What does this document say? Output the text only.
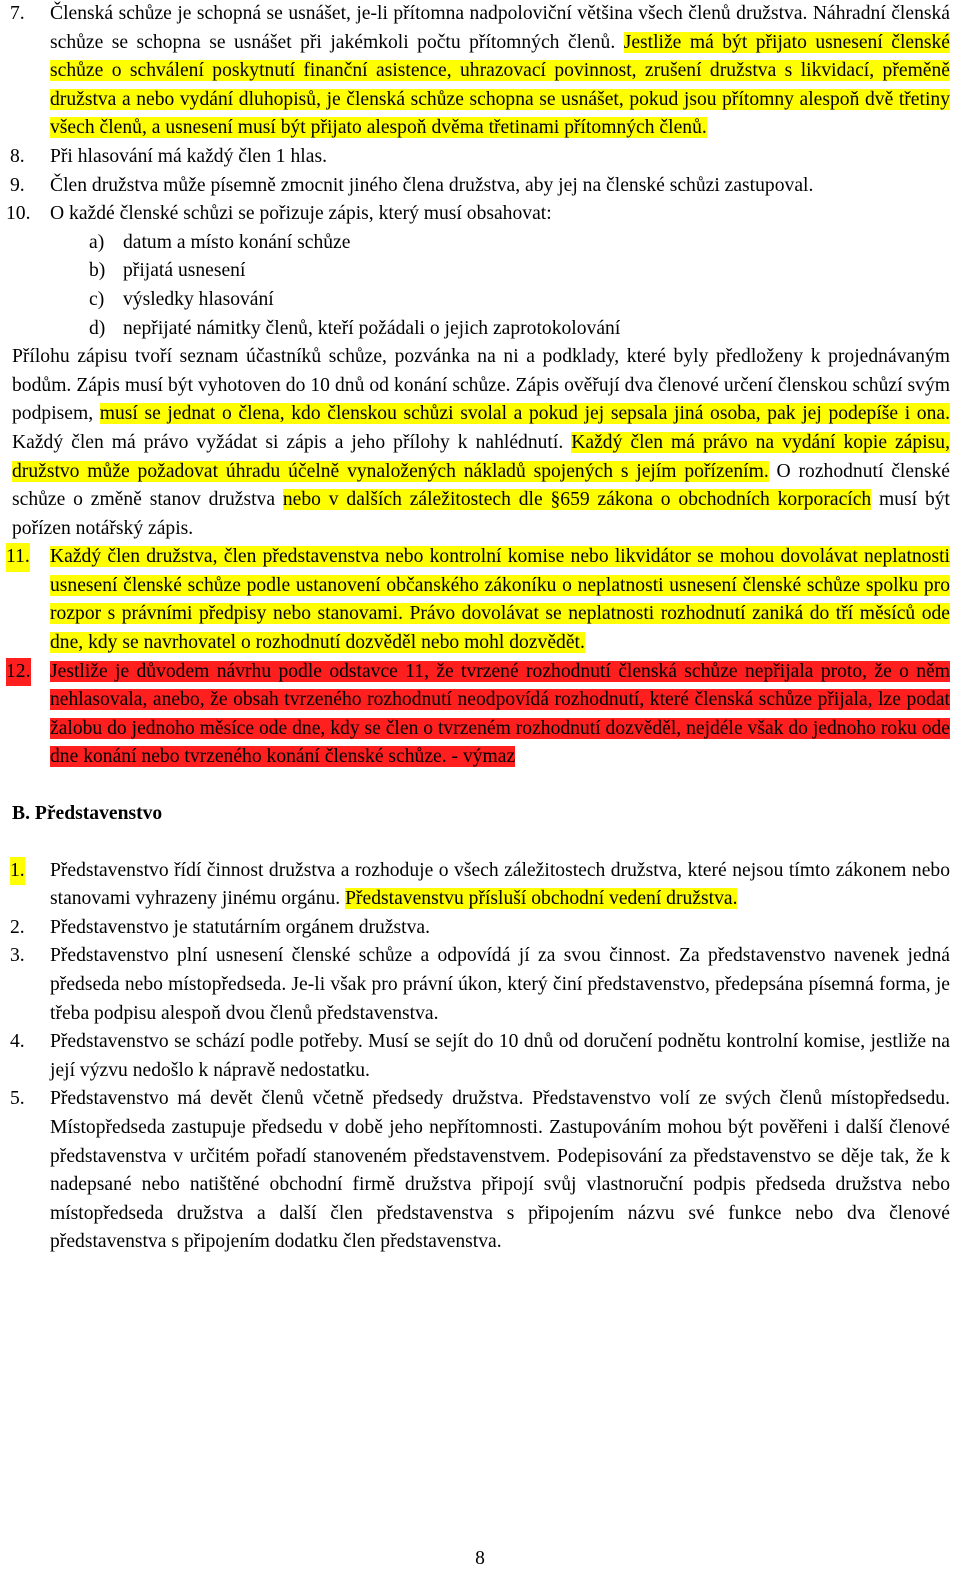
7. Členská schůze je schopná se usnášet, je-li přítomna nadpoloviční většina všech členů družstva. Náhradní členská schůze se schopna se usnášet při jakémkoli počtu přítomných členů. Jestliže má být přijato usnesení členské schůze o schválení poskytnutí finanční asistence, uhrazovací povinnost, zrušení družstva s likvidací, přeměně družstva a nebo vydání dluhopisů, je členská schůze schopna se usnášet, pokud jsou přítomny alespoň dvě třetiny všech členů, a usnesení musí být přijato alespoň dvěma třetinami přítomných členů.
8. Při hlasování má každý člen 1 hlas.
9. Člen družstva může písemně zmocnit jiného člena družstva, aby jej na členské schůzi zastupoval.
10. O každé členské schůzi se pořizuje zápis, který musí obsahovat:
a) datum a místo konání schůze
b) přijatá usnesení
c) výsledky hlasování
d) nepřijaté námitky členů, kteří požádali o jejich zaprotokolování
Přílohu zápisu tvoří seznam účastníků schůze, pozvánka na ni a podklady, které byly předloženy k projednávaným bodům. Zápis musí být vyhotoven do 10 dnů od konání schůze. Zápis ověřují dva členové určení členskou schůzí svým podpisem, musí se jednat o člena, kdo členskou schůzi svolal a pokud jej sepsala jiná osoba, pak jej podepíše i ona. Každý člen má právo vyžádat si zápis a jeho přílohy k nahlédnutí. Každý člen má právo na vydání kopie zápisu, družstvo může požadovat úhradu účelně vynaložených nákladů spojených s jejím pořízením. O rozhodnutí členské schůze o změně stanov družstva nebo v dalších záležitostech dle §659 zákona o obchodních korporacích musí být pořízen notářský zápis.
11. Každý člen družstva, člen představenstva nebo kontrolní komise nebo likvidátor se mohou dovolávat neplatnosti usnesení členské schůze podle ustanovení občanského zákoníku o neplatnosti usnesení členské schůze spolku pro rozpor s právními předpisy nebo stanovami. Právo dovolávat se neplatnosti rozhodnutí zaniká do tří měsíců ode dne, kdy se navrhovatel o rozhodnutí dozvěděl nebo mohl dozvědět.
12. Jestliže je důvodem návrhu podle odstavce 11, že tvrzené rozhodnutí členská schůze nepřijala proto, že o něm nehlasovala, anebo, že obsah tvrzeného rozhodnutí neodpovídá rozhodnutí, které členská schůze přijala, lze podat žalobu do jednoho měsíce ode dne, kdy se člen o tvrzeném rozhodnutí dozvěděl, nejdéle však do jednoho roku ode dne konání nebo tvrzeného konání členské schůze. - výmaz
B. Představenstvo
1. Představenstvo řídí činnost družstva a rozhoduje o všech záležitostech družstva, které nejsou tímto zákonem nebo stanovami vyhrazeny jinému orgánu. Představenstvu přísluší obchodní vedení družstva.
2. Představenstvo je statutárním orgánem družstva.
3. Představenstvo plní usnesení členské schůze a odpovídá jí za svou činnost. Za představenstvo navenek jedná předseda nebo místopředseda. Je-li však pro právní úkon, který činí představenstvo, předepsána písemná forma, je třeba podpisu alespoň dvou členů představenstva.
4. Představenstvo se schází podle potřeby. Musí se sejít do 10 dnů od doručení podnětu kontrolní komise, jestliže na její výzvu nedošlo k nápravě nedostatku.
5. Představenstvo má devět členů včetně předsedy družstva. Představenstvo volí ze svých členů místopředsedu. Místopředseda zastupuje předsedu v době jeho nepřítomnosti. Zastupováním mohou být pověřeni i další členové představenstva v určitém pořadí stanoveném představenstvem. Podepisování za představenstvo se děje tak, že k nadepsané nebo natištěné obchodní firmě družstva připojí svůj vlastnoruční podpis předseda družstva nebo místopředseda družstva a další člen představenstva s připojením názvu své funkce nebo dva členové představenstva s připojením dodatku člen představenstva.
8
